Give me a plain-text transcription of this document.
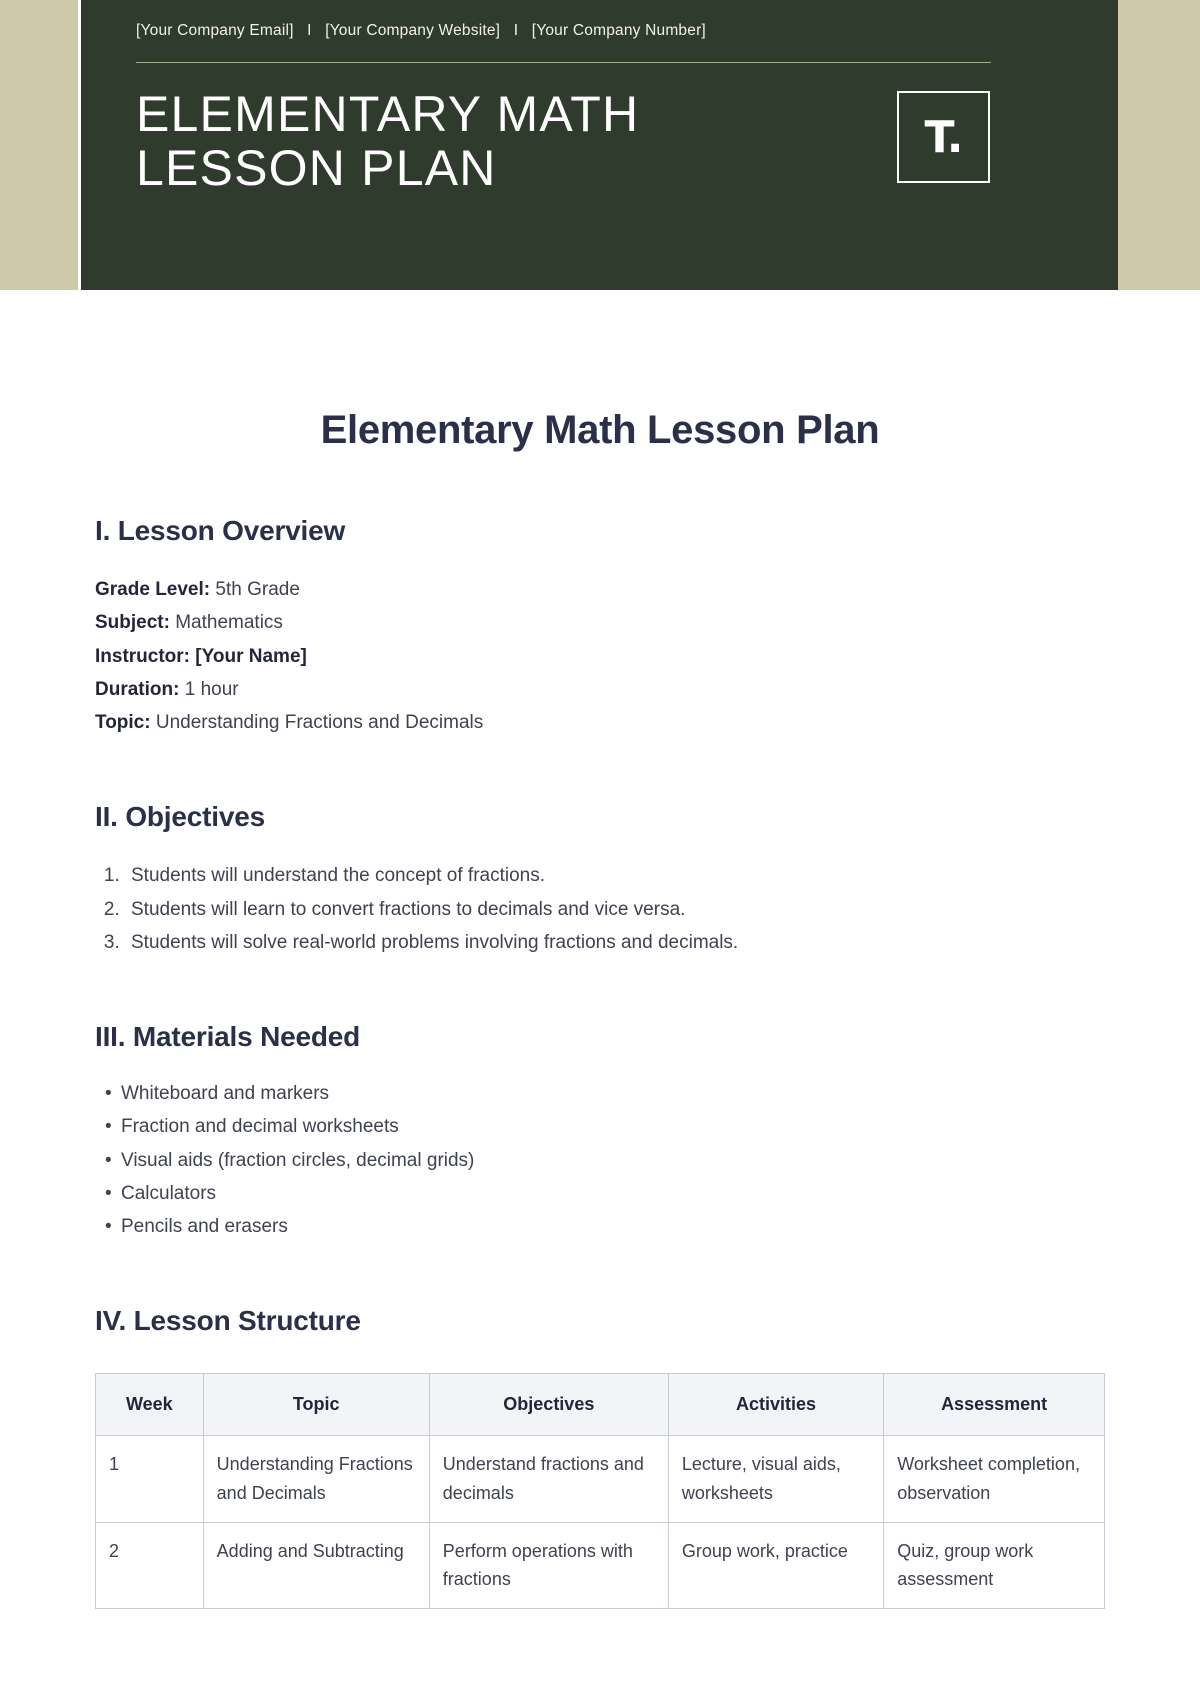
[Your Company Email] I [Your Company Website] I [Your Company Number]
ELEMENTARY MATH
LESSON PLAN
T.
Elementary Math Lesson Plan
I. Lesson Overview
Grade Level: 5th Grade
Subject: Mathematics
Instructor: [Your Name]
Duration: 1 hour
Topic: Understanding Fractions and Decimals
II. Objectives
1. Students will understand the concept of fractions.
2. Students will learn to convert fractions to decimals and vice versa.
3. Students will solve real-world problems involving fractions and decimals.
III. Materials Needed
• Whiteboard and markers
• Fraction and decimal worksheets
• Visual aids (fraction circles, decimal grids)
• Calculators
• Pencils and erasers
IV. Lesson Structure
Week	Topic	Objectives	Activities	Assessment
1	Understanding Fractions and Decimals	Understand fractions and decimals	Lecture, visual aids, worksheets	Worksheet completion, observation
2	Adding and Subtracting	Perform operations with fractions	Group work, practice	Quiz, group work assessment
